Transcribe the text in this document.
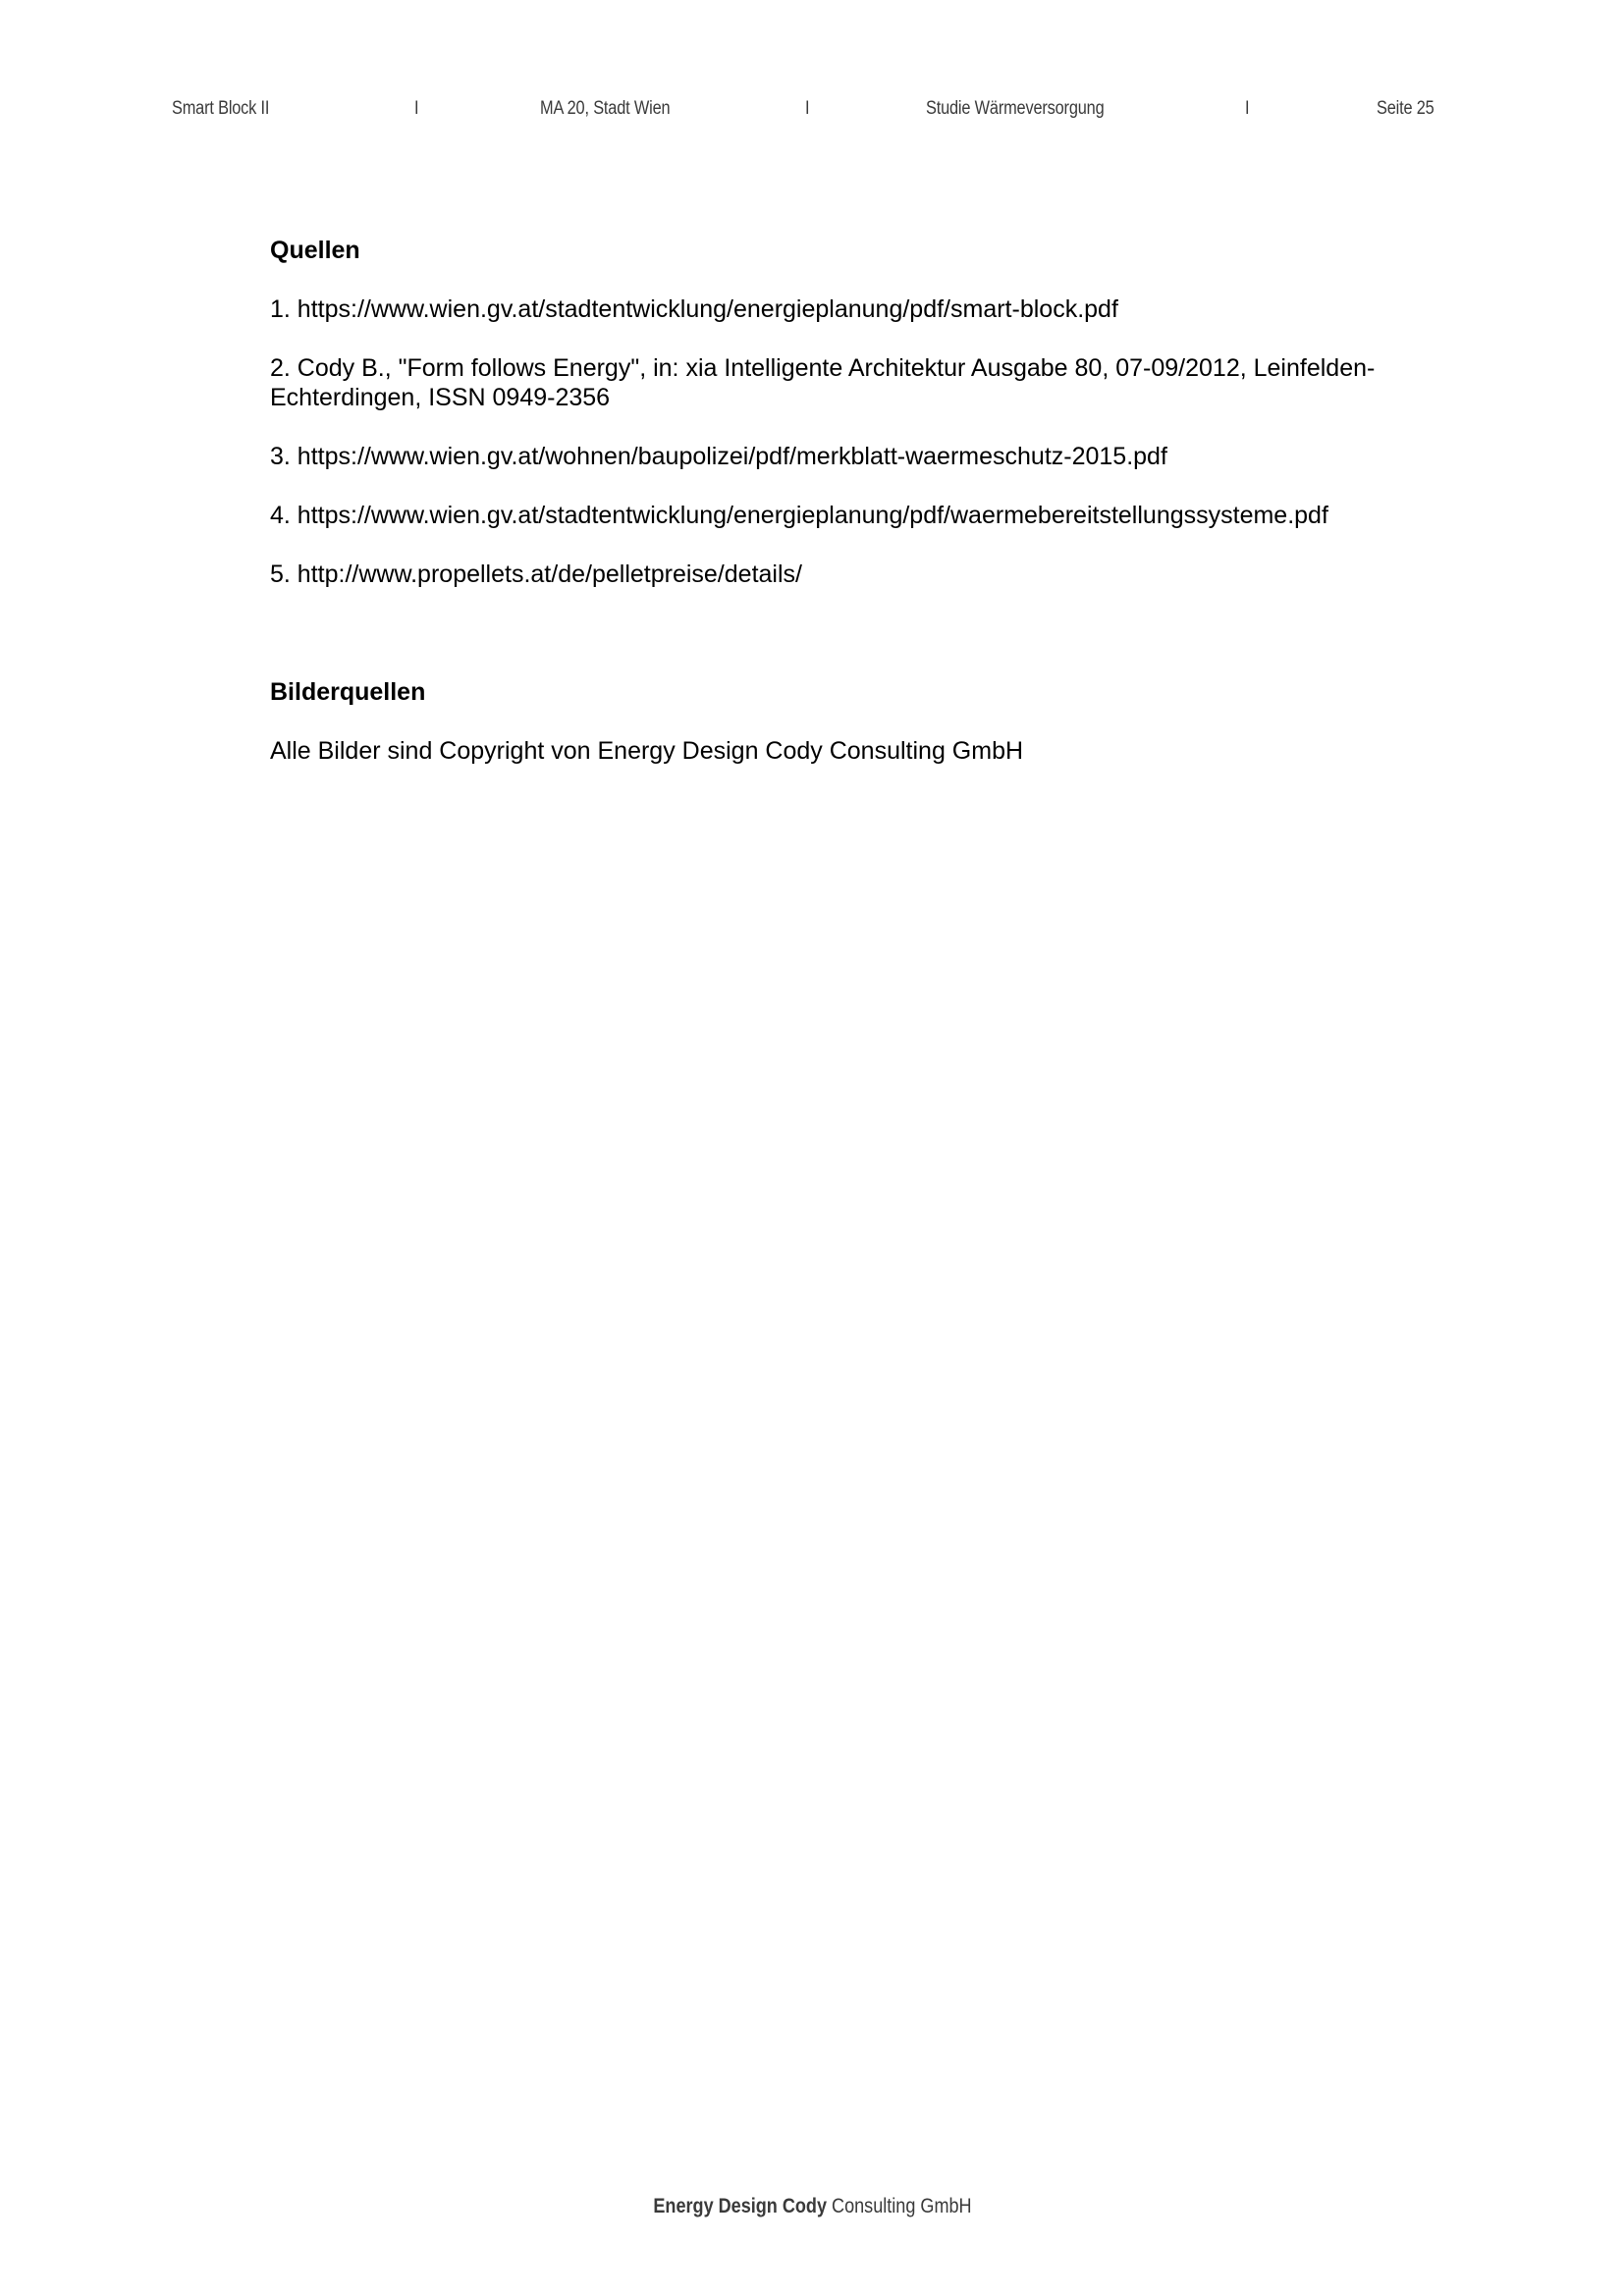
Smart Block II	I	MA 20, Stadt Wien	I	Studie Wärmeversorgung	I	Seite 25
Quellen
1. https://www.wien.gv.at/stadtentwicklung/energieplanung/pdf/smart-block.pdf
2. Cody B., "Form follows Energy", in: xia Intelligente Architektur Ausgabe 80, 07-09/2012, Leinfelden-Echterdingen, ISSN 0949-2356
3. https://www.wien.gv.at/wohnen/baupolizei/pdf/merkblatt-waermeschutz-2015.pdf
4. https://www.wien.gv.at/stadtentwicklung/energieplanung/pdf/waermebereitstellungssysteme.pdf
5. http://www.propellets.at/de/pelletpreise/details/
Bilderquellen

Alle Bilder sind Copyright von Energy Design Cody Consulting GmbH

Energy Design Cody Consulting GmbH
